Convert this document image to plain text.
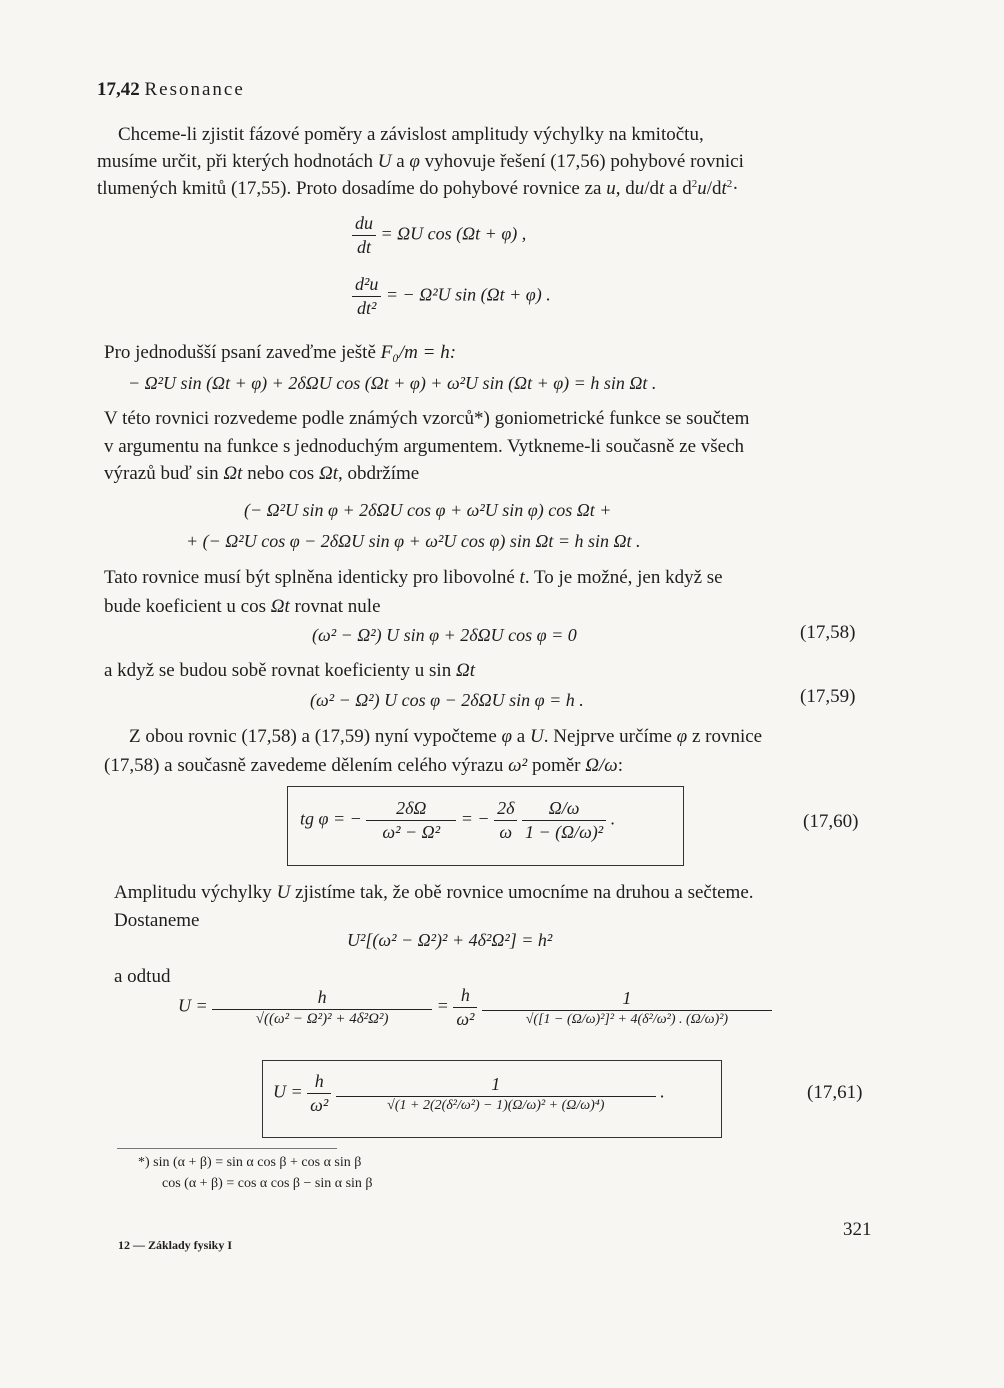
17,42 Resonance
Chceme-li zjistit fázové poměry a závislost amplitudy výchylky na kmitočtu,
musíme určit, při kterých hodnotách U a φ vyhovuje řešení (17,56) pohybové rovnici
tlumených kmitů (17,55). Proto dosadíme do pohybové rovnice za u, du/dt a $d^2u/dt^2\cdot$
$\frac{du}{dt} = \Omega U$ cos (Ωt + φ) ,
$\frac{\text{d²u}}{\text{dt²}}$ = − Ω²U sin (Ωt + φ) .
Pro jednodušší psaní zaveďme ještě F₀/m = h:
− Ω²U sin (Ωt + φ) + 2δΩU cos (Ωt + φ) + ω²U sin (Ωt + φ) = h sin Ωt .
V této rovnici rozvedeme podle známých vzorců*) goniometrické funkce se součtem
v argumentu na funkce s jednoduchým argumentem. Vytkneme-li současně ze všech
výrazů buď sin Ωt nebo cos Ωt, obdržíme
(− Ω²U sin φ + 2δΩU cos φ + ω²U sin φ) cos Ωt +
+ (− Ω²U cos φ − 2δΩU sin φ + ω²U cos φ) sin Ωt = h sin Ωt .
Tato rovnice musí být splněna identicky pro libovolné t. To je možné, jen když se
bude koeficient u cos Ωt rovnat nule
(ω² − Ω²) U sin φ + 2δΩU cos φ = 0	(17,58)
a když se budou sobě rovnat koeficienty u sin Ωt
(ω² − Ω²) U cos φ − 2δΩU sin φ = h .	(17,59)
Z obou rovnic (17,58) a (17,59) nyní vypočteme φ a U. Nejprve určíme φ z rovnice
(17,58) a současně zavedeme dělením celého výrazu ω² poměr Ω/ω:
tg φ = − $\frac{2\delta\Omega}{\text{ω² − Ω²}}$ = − $\frac{2\delta}{\omega}$
$\frac{\Omega/\omega}{\text{1 − (Ω/ω)²}}$ .	(17,60)
Amplitudu výchylky U zjistíme tak, že obě rovnice umocníme na druhou a sečteme.
Dostaneme
U²[(ω² − Ω²)² + 4δ²Ω²] = h²
a odtud
$U = \frac{h}{\text{√((ω² − Ω²)² + 4δ²Ω²)}} = \frac{h}{\text{ω²}}$
$\frac{1}{\text{√([1 − (Ω/ω)²]² + 4(δ²/ω²) . (Ω/ω)²)}}$
$U = \frac{h}{\text{ω²}}$
$\frac{1}{\text{√(1 + 2(2(δ²/ω²) − 1)(Ω/ω)² + (Ω/ω)⁴)}}$ .	(17,61)
*) sin (α + β) = sin α cos β + cos α sin β
cos (α + β) = cos α cos β − sin α sin β
321
12 — Základy fysiky I
